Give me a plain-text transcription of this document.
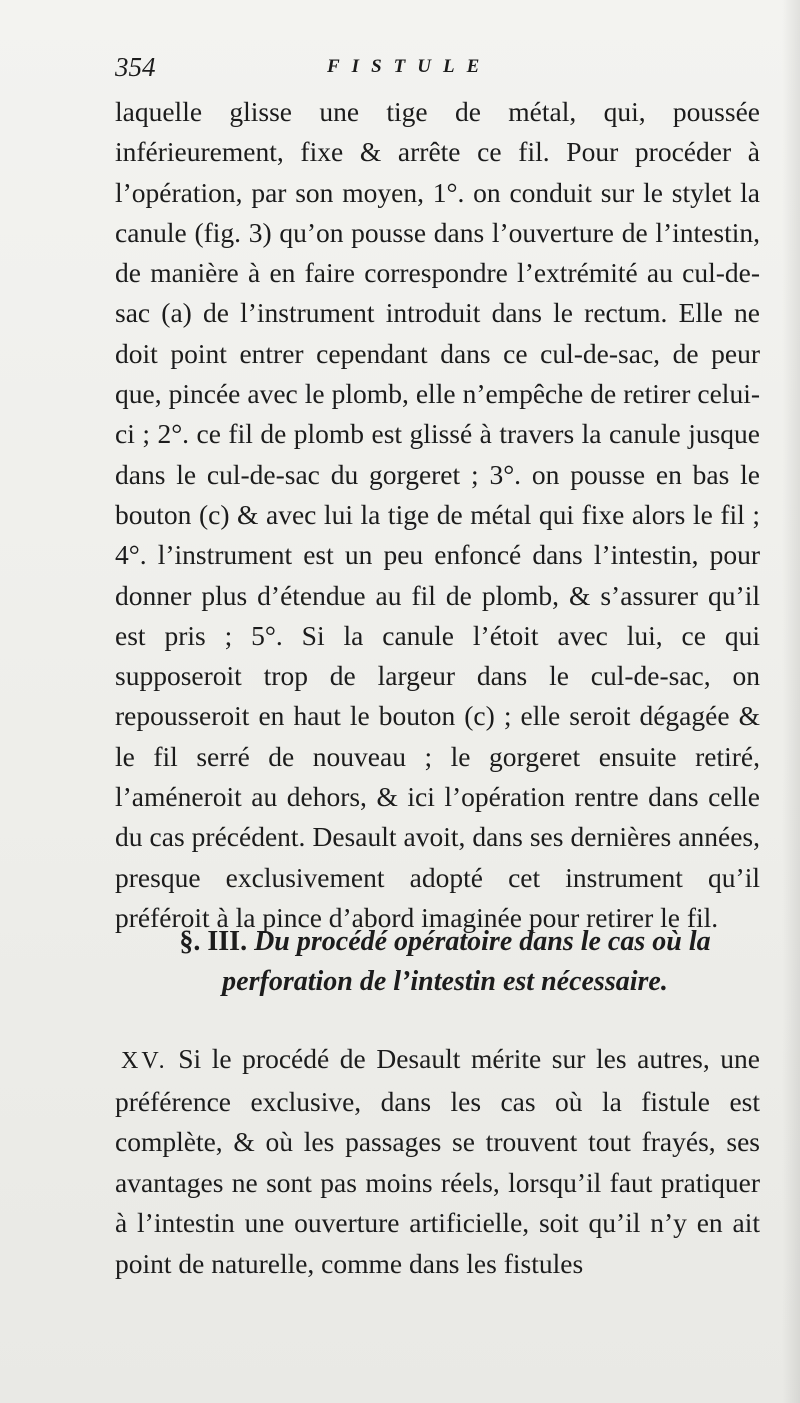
354	FISTULE

laquelle glisse une tige de métal, qui, poussée inférieurement, fixe & arrête ce fil. Pour procéder à l’opération, par son moyen, 1°. on conduit sur le stylet la canule (fig. 3) qu’on pousse dans l’ouverture de l’intestin, de manière à en faire correspondre l’extrémité au cul-de-sac (a) de l’instrument introduit dans le rectum. Elle ne doit point entrer cependant dans ce cul-de-sac, de peur que, pincée avec le plomb, elle n’empêche de retirer celui-ci ; 2°. ce fil de plomb est glissé à travers la canule jusque dans le cul-de-sac du gorgeret ; 3°. on pousse en bas le bouton (c) & avec lui la tige de métal qui fixe alors le fil ; 4°. l’instrument est un peu enfoncé dans l’intestin, pour donner plus d’étendue au fil de plomb, & s’assurer qu’il est pris ; 5°. Si la canule l’étoit avec lui, ce qui supposeroit trop de largeur dans le cul-de-sac, on repousseroit en haut le bouton (c) ; elle seroit dégagée & le fil serré de nouveau ; le gorgeret ensuite retiré, l’améneroit au dehors, & ici l’opération rentre dans celle du cas précédent. Desault avoit, dans ses dernières années, presque exclusivement adopté cet instrument qu’il préféroit à la pince d’abord imaginée pour retirer le fil.

§. III. Du procédé opératoire dans le cas où la perforation de l’intestin est nécessaire.

XV. Si le procédé de Desault mérite sur les autres, une préférence exclusive, dans les cas où la fistule est complète, & où les passages se trouvent tout frayés, ses avantages ne sont pas moins réels, lorsqu’il faut pratiquer à l’intestin une ouverture artificielle, soit qu’il n’y en ait point de naturelle, comme dans les fistules
